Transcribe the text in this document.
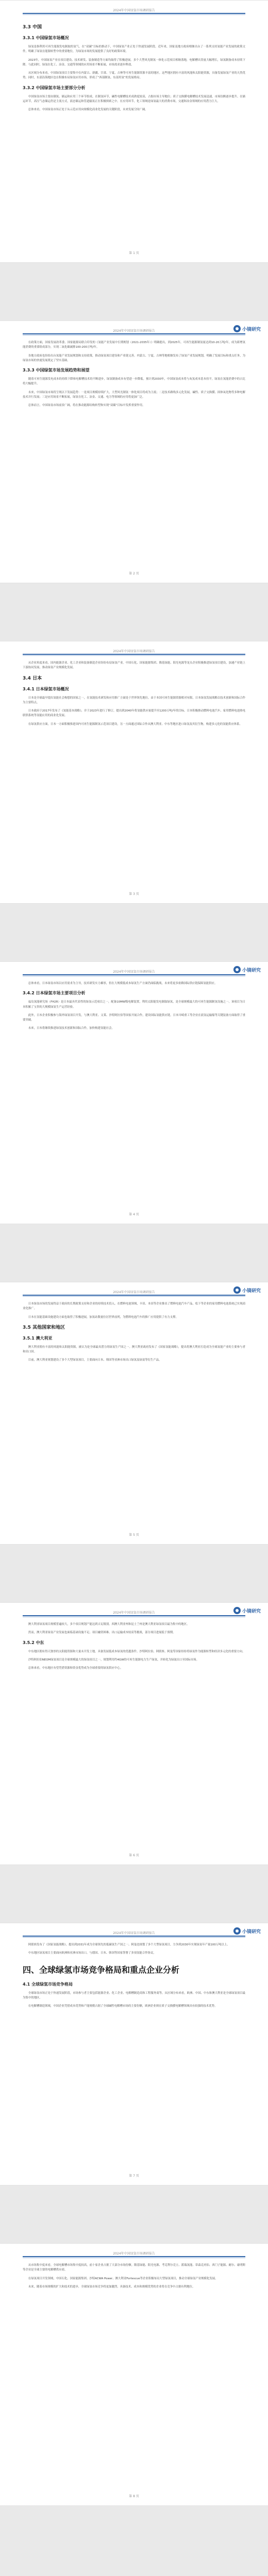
2024年中国绿氢市场调研报告
3.3 中国
3.3.1 中国绿氢市场概况

绿氢是指利用可再生能源发电制取的氢气。在“双碳”目标的推动下，中国绿氢产业正处于快速发展阶段。近年来，国家及地方政府相继出台了一系列支持氢能产业发展的政策文件，明确了绿氢在能源转型中的重要地位，为绿氢市场的发展提供了良好的政策环境。

2023年，中国绿氢产业在项目建设、技术研发、装备制造等方面均取得了积极进展。多个大型风光制氢一体化示范项目相继落地，电解槽出货量大幅增长，绿氢制备成本持续下降。与此同时，绿氢在化工、冶金、交通等领域的应用场景不断拓展，市场需求逐步释放。

从区域分布来看，中国绿氢项目主要集中在内蒙古、新疆、甘肃、宁夏、吉林等可再生能源资源丰富的地区。这些地区拥有丰富的风能和太阳能资源，具备发展绿氢产业的天然优势。同时，东部沿海地区也在积极布局绿氢应用市场，形成了“西部制氢、东部用氢”的发展格局。

3.3.2 中国绿氢市场主要部分分析

中国绿氢市场主要由制氢、储运和应用三个环节组成。在制氢环节，碱性电解槽技术成熟度较高，占据市场主导地位；质子交换膜电解槽技术发展迅速，市场份额逐步提升。在储运环节，高压气态储运仍是主流方式，液态储运和管道输氢正在积极探索之中。在应用环节，化工领域是绿氢最大的消费市场，交通和冶金领域的应用潜力巨大。

总体来看，中国绿氢市场正处于从示范应用向规模化商业化发展的关键阶段，未来发展空间广阔。

第 1 页
2024年中国绿氢市场调研报告	小镜研究

在政策方面，国家发展改革委、国家能源局联合印发的《氢能产业发展中长期规划（2021-2035年）》明确提出，到2025年，可再生能源制氢量达到10-20万吨/年，成为新增氢能消费的重要组成部分，实现二氧化碳减排100-200万吨/年。

各地方政府也纷纷出台氢能产业发展规划和支持政策，推动绿氢项目建设和产业链完善。内蒙古、宁夏、吉林等地相继发布了绿氢产业发展规划，明确了发展目标和重点任务，为绿氢市场的快速发展奠定了坚实基础。

3.3.3 中国绿氢市场发展趋势和展望

随着可再生能源发电成本的持续下降和电解槽技术的不断进步，绿氢制备成本有望进一步降低。预计到2030年，中国绿氢成本将与灰氢成本基本持平，绿氢在氢能消费中的占比将大幅提升。

未来，中国绿氢市场将呈现以下发展趋势：一是项目规模持续扩大，大型风光制氢一体化项目将成为主流；二是技术路线多元化发展，碱性、质子交换膜、固体氧化物等多种电解技术并行发展；三是应用场景不断拓展，绿氢在化工、冶金、交通、电力等领域的应用将更加广泛。

总体而言，中国绿氢市场前景广阔，将在推动能源结构转型和实现“双碳”目标中发挥重要作用。

第 2 页
2024年中国绿氢市场调研报告

从企业角度来看，国内能源企业、化工企业和装备制造企业纷纷布局绿氢产业。中国石化、国家能源集团、隆基绿能、阳光电源等龙头企业积极推进绿氢项目建设，加速产业链上下游协同发展，推动绿氢产业规模化发展。

3.4 日本
3.4.1 日本绿氢市场概况

日本是全球最早提出氢能社会构想的国家之一，在氢能技术研发和应用推广方面处于世界领先地位。由于本国可再生能源资源相对有限，日本绿氢发展战略以技术创新和国际合作为主要特点。

日本政府于2017年发布了《氢能基本战略》，并于2023年进行了修订，提出到2040年将氢能供应量提升至1200万吨/年的目标。日本积极推动燃料电池汽车、家用燃料电池热电联供系统等氢能应用的商业化发展。

在绿氢供应方面，日本一方面积极推进国内可再生能源制氢示范项目建设，另一方面通过国际合作从澳大利亚、中东等地区进口绿氢及其衍生物，构建多元化的氢能供应体系。

第 3 页
2024年中国绿氢市场调研报告	小镜研究

总体来看，日本绿氢市场以应用需求为主导，技术研发实力雄厚，但在大规模低成本绿氢生产方面仍面临挑战，未来将更多依赖国际供应链保障氢能供应。

3.4.2 日本绿氢市场主要项目分析

福岛氢能研究场（FH2R）是日本最具代表性的绿氢示范项目之一，配备10MW级电解装置，利用太阳能发电制取绿氢，是全球规模最大的可再生能源制氢设施之一。该项目为日本积累了宝贵的大规模绿氢生产运营经验。

此外，日本企业积极参与海外绿氢项目开发，与澳大利亚、文莱、沙特阿拉伯等国家开展合作，建设国际氢能供应链。日本川崎重工等企业在液氢运输船等关键装备方面取得了重要突破。

未来，日本将继续推进绿氢技术创新和国际合作，加快构建氢能社会。

第 4 页
2024年中国绿氢市场调研报告	小镜研究

日本绿氢市场的发展得益于政府的长期政策支持和企业的持续技术投入。在燃料电池领域，丰田、本田等企业推出了燃料电池汽车产品，松下等企业的家用燃料电池系统已实现商业化推广。

日本在氢能基础设施建设方面也取得了积极进展，加氢站数量位居世界前列，为燃料电池汽车的推广应用提供了有力支撑。

3.5 其他国家和地区
3.5.1 澳大利亚

澳大利亚拥有丰富的风能和太阳能资源，被认为是全球最具潜力的绿氢生产国之一。澳大利亚政府发布了《国家氢能战略》，提出将澳大利亚打造成为全球氢能产业的主要参与者和出口国。

目前，澳大利亚规划建设了多个大型绿氢项目，主要面向日本、韩国等亚洲市场出口绿氢及绿氨等衍生产品。

第 5 页
2024年中国绿氢市场调研报告	小镜研究

澳大利亚绿氢项目规模普遍较大，多个项目规划产能达到吉瓦级别。西澳大利亚州和昆士兰州是澳大利亚绿氢项目最为集中的地区。

然而，澳大利亚绿氢产业发展也面临基础设施不足、项目融资困难、出口运输成本较高等挑战，部分项目进展低于预期。

3.5.2 中东

中东地区拥有得天独厚的太阳能资源和大量未开发土地，具备发展低成本绿氢的优越条件。沙特阿拉伯、阿联酋、阿曼等国家纷纷将绿氢作为能源转型和经济多元化的重要方向。

沙特阿拉伯NEOM绿氢项目是全球规模最大的绿氢项目之一，规划利用约4GW的可再生能源电力生产绿氢，并转化为绿氨出口至国际市场。

总体来看，中东地区有望凭借资源和资金优势成为全球重要的绿氢供应中心。

第 6 页
2024年中国绿氢市场调研报告	小镜研究

阿联酋发布了《国家氢能战略》，提出到2031年成为全球领先的低碳氢生产国之一。阿曼也规划了多个大型绿氢项目，力争到2030年实现绿氢年产量100万吨以上。

中东地区绿氢项目主要面向欧洲和亚洲市场出口，与德国、日本、韩国等国家签署了多项氢能合作协议。

四、全球绿氢市场竞争格局和重点企业分析
4.1 全球绿氢市场竞争格局

全球绿氢市场正处于快速发展阶段，市场参与者主要包括能源企业、化工企业、电解槽制造商和工程服务商等。从区域分布来看，欧洲、中国、中东和澳大利亚是全球绿氢项目最为集中的地区。

在电解槽制造领域，中国企业凭借成本优势和产能规模占据了全球碱性电解槽市场的主要份额，欧洲企业则在质子交换膜电解槽领域具有较强的技术优势。

第 7 页
2024年中国绿氢市场调研报告

从市场集中度来看，全球电解槽市场集中度较高，前十家企业占据了大部分市场份额。隆基绿能、阳光电源、考克利尔竞立、派瑞氢能、蒂森克虏伯、西门子能源、耐尔、康明斯等企业是全球主要的电解槽供应商。

在绿氢项目开发领域，中国石化、国家能源集团、沙特ACWA Power、澳大利亚Fortescue等企业积极布局大型绿氢项目，推动全球绿氢产业规模化发展。

未来，随着市场规模的扩大和技术的进步，全球绿氢市场竞争将更加激烈，具备技术、成本和规模优势的企业将在竞争中占据有利地位。

第 8 页
